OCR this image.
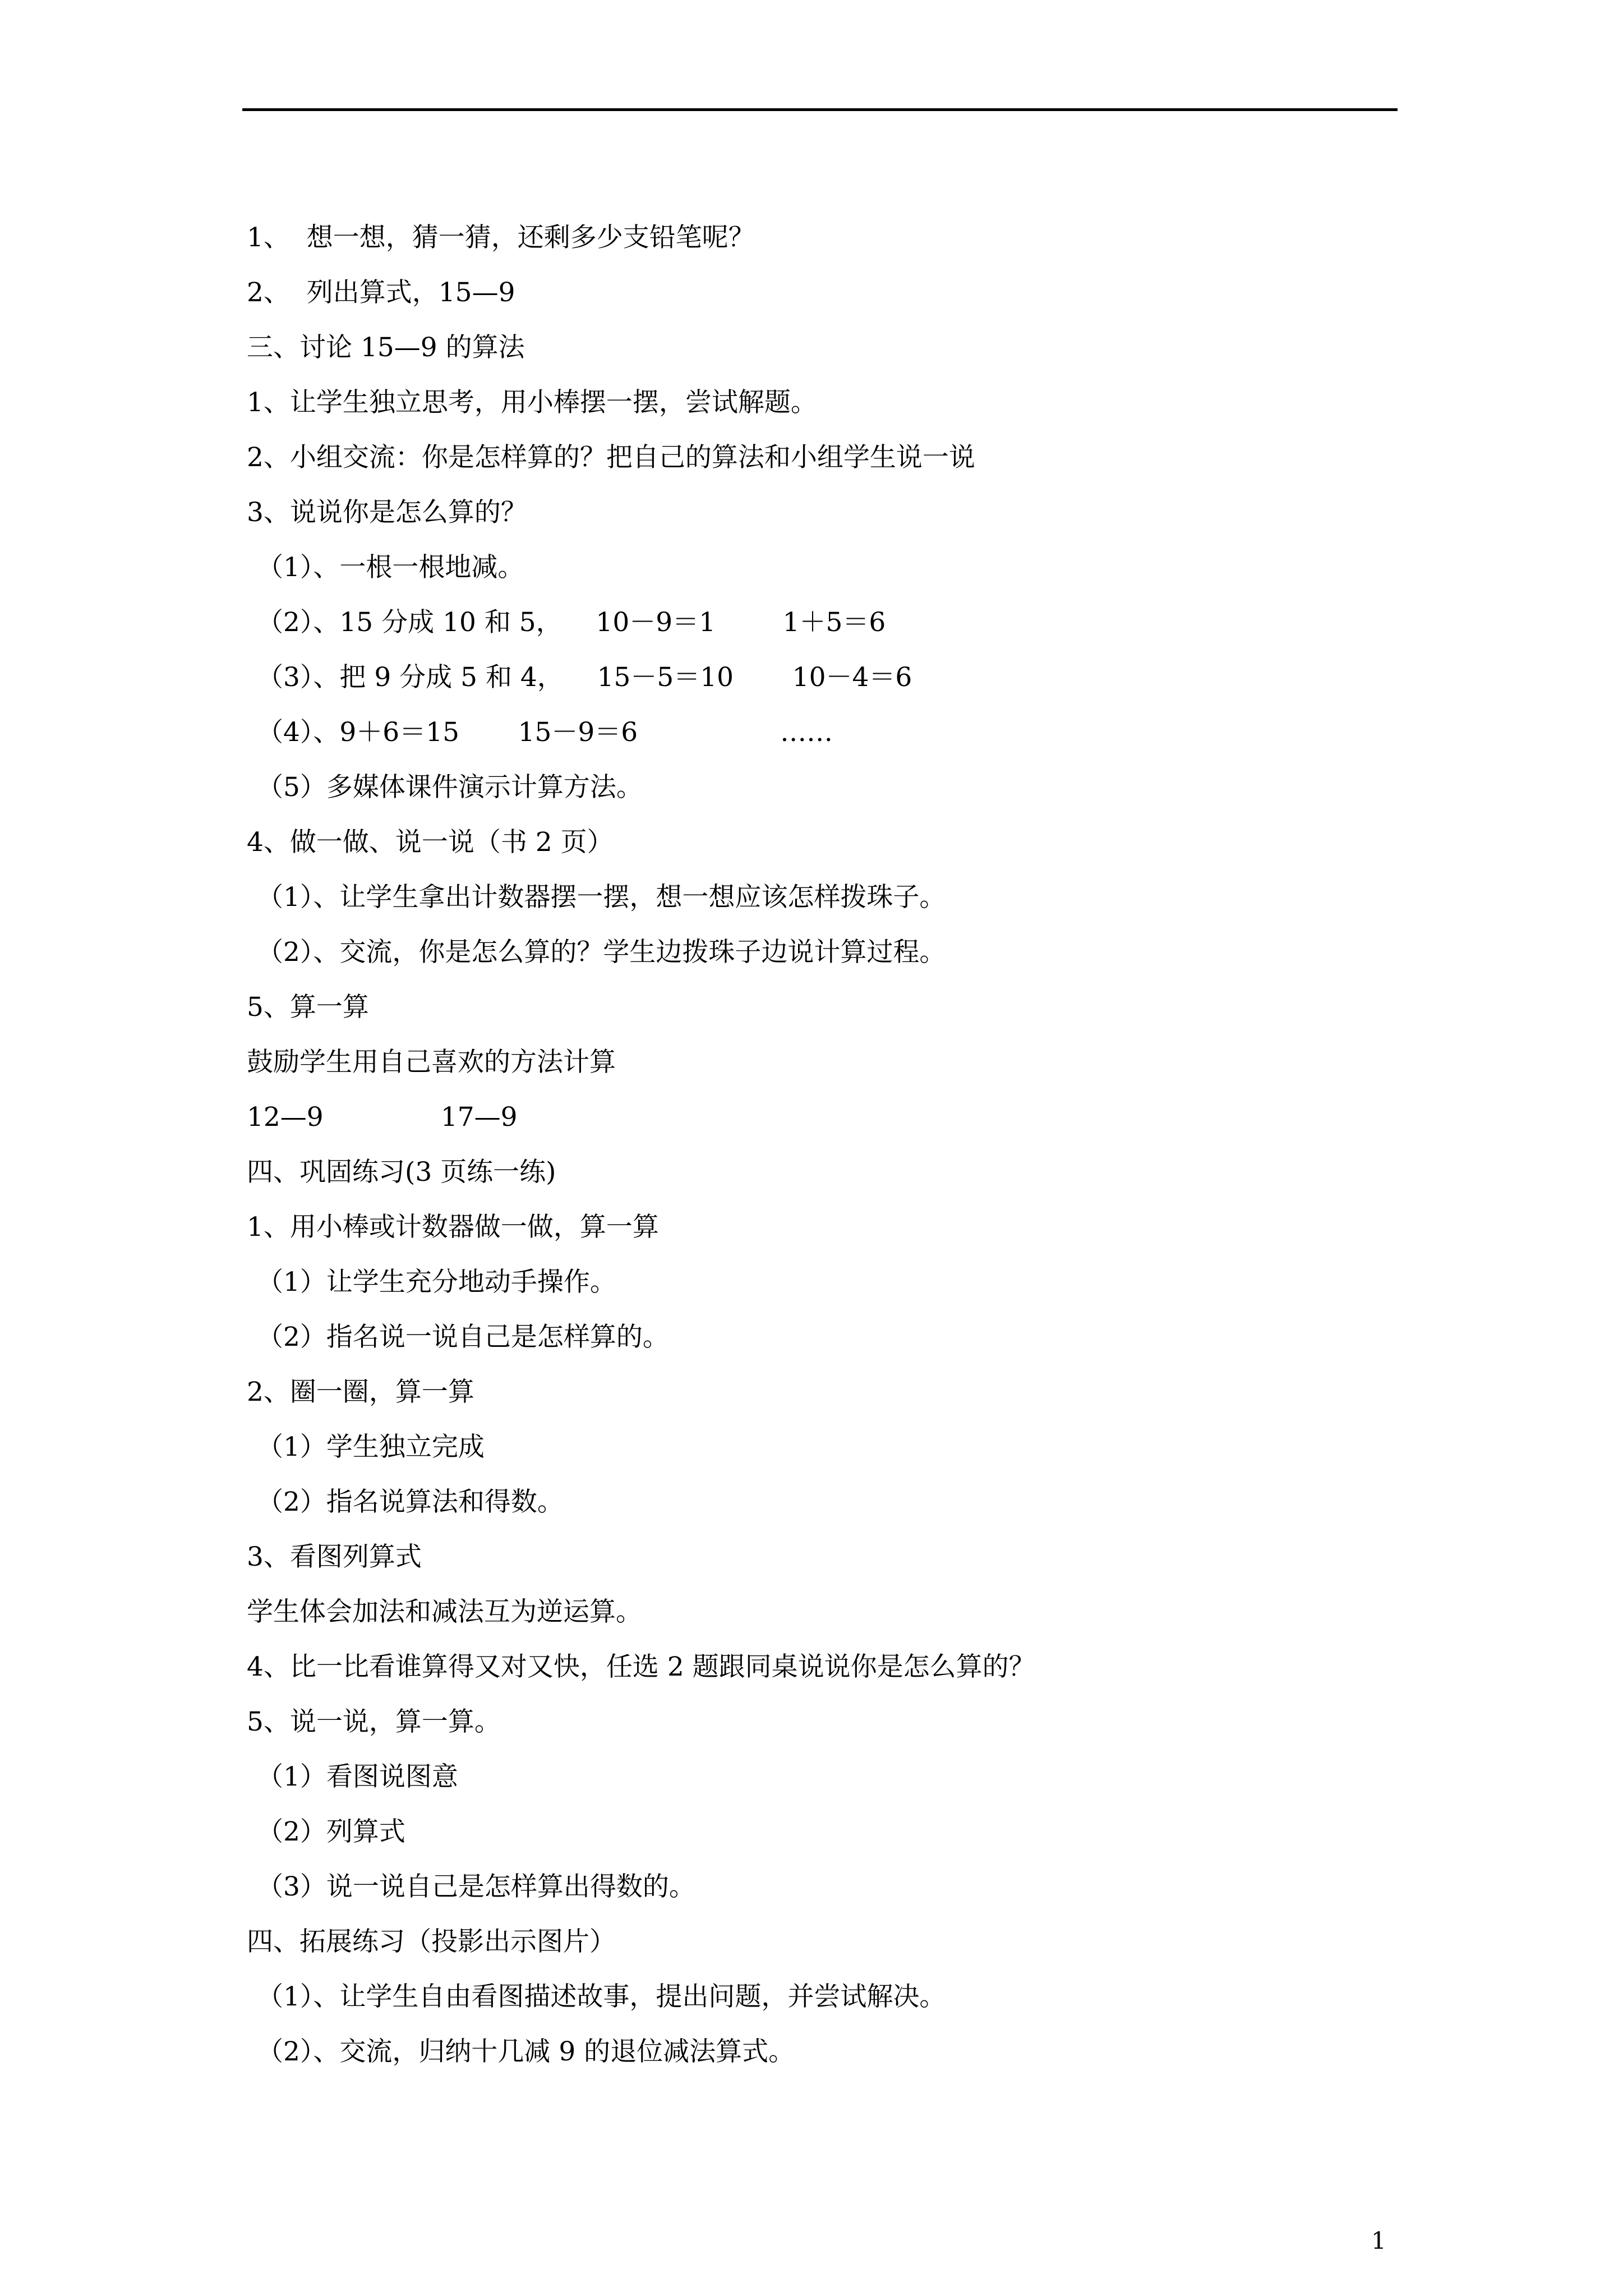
1、  想一想，猜一猜，还剩多少支铅笔呢？
2、  列出算式，15—9
三、讨论 15—9 的算法
1、让学生独立思考，用小棒摆一摆，尝试解题。
2、小组交流：你是怎样算的？把自己的算法和小组学生说一说
3、说说你是怎么算的？
（1）、一根一根地减。
（2）、15 分成 10 和 5，    10－9＝1        1＋5＝6
（3）、把 9 分成 5 和 4，    15－5＝10       10－4＝6
（4）、9＋6＝15       15－9＝6                 ……
（5）多媒体课件演示计算方法。
4、做一做、说一说（书 2 页）
（1）、让学生拿出计数器摆一摆，想一想应该怎样拨珠子。
（2）、交流，你是怎么算的？学生边拨珠子边说计算过程。
5、算一算
鼓励学生用自己喜欢的方法计算
12—9              17—9
四、巩固练习(3 页练一练)
1、用小棒或计数器做一做，算一算
（1）让学生充分地动手操作。
（2）指名说一说自己是怎样算的。
2、圈一圈，算一算
（1）学生独立完成
（2）指名说算法和得数。
3、看图列算式
学生体会加法和减法互为逆运算。
4、比一比看谁算得又对又快，任选 2 题跟同桌说说你是怎么算的？
5、说一说，算一算。
（1）看图说图意
（2）列算式
（3）说一说自己是怎样算出得数的。
四、拓展练习（投影出示图片）
（1）、让学生自由看图描述故事，提出问题，并尝试解决。
（2）、交流，归纳十几减 9 的退位减法算式。
1
